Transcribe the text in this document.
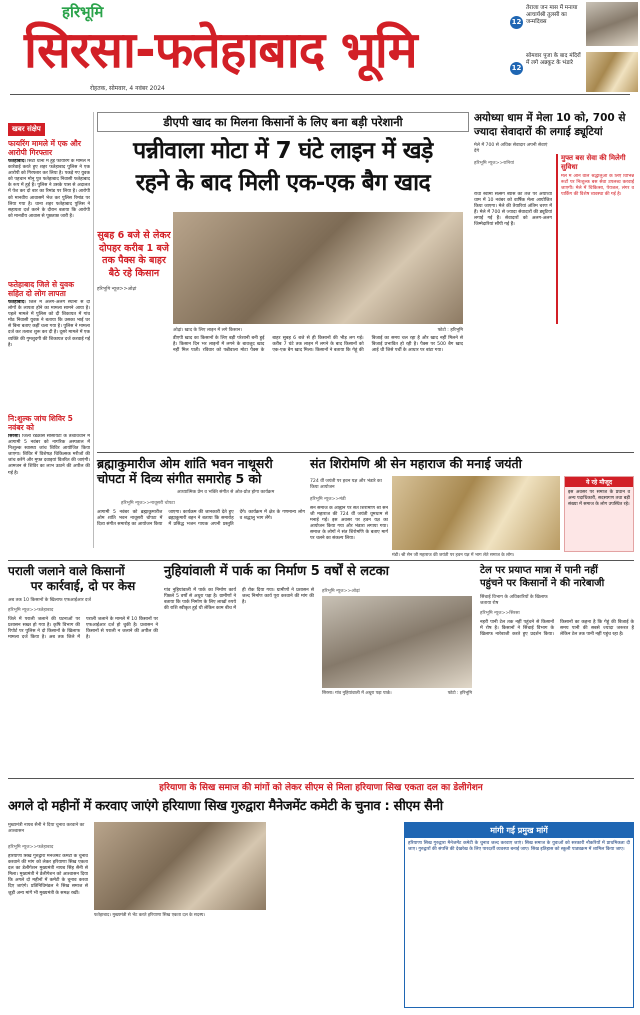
हरिभूमि
सिरसा-फतेहाबाद भूमि
रोहतक, सोमवार, 4 नवंबर 2024
12
तेराजा जन मास में मनाया आचार्यश्री तुलसी का जन्मदिवस
12
सोमवार पूजा के बाद मंदिरों में लगे अन्नकूट के भंडारे
खबर संक्षेप
फायरिंग मामले में एक और आरोपी गिरफ्तार
फतेहाबाद। सिटी थाना में हुई फायरिंग के मामले में कार्रवाई करते हुए शहर फतेहाबाद पुलिस ने एक आरोपी को गिरफ्तार कर लिया है। पकड़े गए युवक को पहचान मोनू पुत्र फतेहाबाद निवासी फतेहाबाद के रूप में हुई है। पुलिस ने उसके पास से अदालत में पेश कर दो बार का रिमांड पर लिया है। आरोपी को मानवीय आवासमें भेज कर पुलिस रिमांड पर लिया गया है। थाना शहर फतेहाबाद पुलिस ने सहायता दर्ज करने के दौरान बताया कि आरोपी को मानवीय आवास से पूछताछ जारी है।
फतेहाबाद जिले से युवक सहित दो लोग लापता
फतेहाबाद। जिले में अलग-अलग स्थानों से दो लोगों के लापता होने का मामला सामने आया है। पहले मामले में पुलिस को दी शिकायत में गांव मोठ निवासी युवक ने बताया कि उसका भाई घर से बिना बताए कहीं चला गया है। पुलिस ने मामला दर्ज कर तलाश शुरू कर दी है। दूसरे मामले में एक व्यक्ति की गुमशुदगी की शिकायत दर्ज करवाई गई है।
नि:शुल्क जांच शिविर 5 नवंबर को
सिरसा। जिला रेडक्रॉस सोसायटी के तत्वावधान में आगामी 5 नवंबर को नागरिक अस्पताल में निःशुल्क स्वास्थ्य जांच शिविर आयोजित किया जाएगा। शिविर में विशेषज्ञ चिकित्सक मरीजों की जांच करेंगे और मुफ्त दवाइयां वितरित की जाएंगी। आमजन से शिविर का लाभ उठाने की अपील की गई है।
डीएपी खाद का मिलना किसानों के लिए बना बड़ी परेशानी
पन्नीवाला मोटा में 7 घंटे लाइन में खड़े
रहने के बाद मिली एक-एक बैग खाद
सुबह 6 बजे से लेकर दोपहर करीब 1 बजे तक पैक्स के बाहर बैठे रहे किसान
हरिभूमि न्यूज>>ओढ़ां
ओढ़ां। खाद के लिए लाइन में लगे किसान।	फोटो : हरिभूमि
डीएपी खाद का किसानों के लिए बड़ी परेशानी बनी हुई है। किसान दिन भर लाइनों में लगने के बावजूद खाद नहीं मिल पाती। रविवार को पन्नीवाला मोटा पैक्स के बाहर सुबह 6 बजे से ही किसानों की भीड़ लग गई। करीब 7 घंटे तक लाइन में लगने के बाद किसानों को एक-एक बैग खाद मिला। किसानों ने बताया कि गेहूं की बिजाई का समय चल रहा है और खाद नहीं मिलने से बिजाई प्रभावित हो रही है। पैक्स पर 500 बैग खाद आई थी जिसे पर्ची के आधार पर बांटा गया।
अयोध्या धाम में मेला 10 को, 700 से ज्यादा सेवादारों की लगाई ड्यूटियां
मेले में 700 से अधिक सेवादार अपनी सेवाएं देंगे
हरिभूमि न्यूज>>रानियां
मुफ्त बस सेवा की मिलेगी सुविधा
मेले में आने वाले श्रद्धालुओं के लिए विभिन्न रूटों पर निःशुल्क बस सेवा उपलब्ध करवाई जाएगी। मेले में चिकित्सा, पेयजल, लंगर व पार्किंग की विशेष व्यवस्था की गई है।
राधा स्वामी सत्संग ब्यास की तर्ज पर अयोध्या धाम में 10 नवंबर को वार्षिक मेला आयोजित किया जाएगा। मेले की तैयारियां अंतिम चरण में हैं। मेले में 700 से ज्यादा सेवादारों की ड्यूटियां लगाई गई हैं। सेवादारों को अलग-अलग जिम्मेदारियां सौंपी गई हैं।
ब्रह्माकुमारीज ओम शांति भवन नाथूसरी
चोपटा में दिव्य संगीत समारोह 5 को
आध्यात्मिक प्रेम व भक्ति संगीत से ओत-प्रोत होगा कार्यक्रम
हरिभूमि न्यूज>>नाथूसरी चोपटा
आगामी 5 नवंबर को ब्रह्माकुमारीज ओम शांति भवन नाथूसरी चोपटा में दिव्य संगीत समारोह का आयोजन किया जाएगा। कार्यक्रम की जानकारी देते हुए ब्रह्माकुमारी बहन ने बताया कि समारोह में प्रसिद्ध भजन गायक अपनी प्रस्तुति देंगे। कार्यक्रम में क्षेत्र के गणमान्य लोग व श्रद्धालु भाग लेंगे।
संत शिरोमणि श्री सेन महाराज की मनाई जयंती
724 वीं जयंती पर हवन यज्ञ और भंडारे का किया आयोजन
हरिभूमि न्यूज>>मंडी
सेन समाज के आह्वान पर संत शिरोमणि श्री सेन जी महाराज की 724 वीं जयंती धूमधाम से मनाई गई। इस अवसर पर हवन यज्ञ का आयोजन किया गया और भंडारा लगाया गया। समाज के लोगों ने संत शिरोमणि के बताए मार्ग पर चलने का संकल्प लिया।
मंडी। श्री सेन जी महाराज की जयंती पर हवन यज्ञ में भाग लेते समाज के लोग।
ये रहे मौजूद
इस अवसर पर समाज के प्रधान व अन्य पदाधिकारी, सदस्यगण तथा बड़ी संख्या में समाज के लोग उपस्थित रहे।
पराली जलाने वाले किसानों
पर कार्रवाई, दो पर केस
अब तक 10 किसानों के खिलाफ एफआईआर दर्ज
हरिभूमि न्यूज>>फतेहाबाद
जिले में पराली जलाने की घटनाओं पर प्रशासन सख्त हो गया है। कृषि विभाग की रिपोर्ट पर पुलिस ने दो किसानों के खिलाफ मामला दर्ज किया है। अब तक जिले में पराली जलाने के मामले में 10 किसानों पर एफआईआर दर्ज हो चुकी है। प्रशासन ने किसानों से पराली न जलाने की अपील की है।
नुहियांवाली में पार्क का निर्माण 5 वर्षों से लटका
गांव नुहियांवाली में पार्क का निर्माण कार्य पिछले 5 वर्षों से अधूरा पड़ा है। ग्रामीणों ने बताया कि पार्क निर्माण के लिए लाखों रुपये की राशि स्वीकृत हुई थी लेकिन काम बीच में ही रोक दिया गया। ग्रामीणों ने प्रशासन से जल्द निर्माण कार्य पूरा करवाने की मांग की है।
हरिभूमि न्यूज>>ओढ़ां
सिरसा। गांव नुहियांवाली में अधूरा पड़ा पार्क।	फोटो : हरिभूमि
टेल पर प्रयाप्त मात्रा में पानी नहीं
पहुंचने पर किसानों ने की नारेबाजी
सिंचाई विभाग के अधिकारियों के खिलाफ जताया रोष
हरिभूमि न्यूज>>सिरसा
नहरी पानी टेल तक नहीं पहुंचने से किसानों में रोष है। किसानों ने सिंचाई विभाग के खिलाफ नारेबाजी करते हुए प्रदर्शन किया। किसानों का कहना है कि गेहूं की बिजाई के समय पानी की सबसे ज्यादा जरूरत है लेकिन टेल तक पानी नहीं पहुंच रहा है।
हरियाणा के सिख समाज की मांगों को लेकर सीएम से मिला हरियाणा सिख एकता दल का डेलीगेशन
अगले दो महीनों में करवाए जाएंगे हरियाणा सिख गुरुद्वारा मैनेजमेंट कमेटी के चुनाव : सीएम सैनी
मुख्यमंत्री नायब सैनी ने दिया चुनाव करवाने का आश्वासन
हरिभूमि न्यूज>>फतेहाबाद
फतेहाबाद। मुख्यमंत्री से भेंट करते हरियाणा सिख एकता दल के सदस्य।
हरियाणा सिख गुरुद्वारा मैनेजमेंट कमेटी के चुनाव करवाने की मांग को लेकर हरियाणा सिख एकता दल का डेलीगेशन मुख्यमंत्री नायब सिंह सैनी से मिला। मुख्यमंत्री ने डेलीगेशन को आश्वासन दिया कि अगले दो महीनों में कमेटी के चुनाव करवा दिए जाएंगे। प्रतिनिधिमंडल ने सिख समाज से जुड़ी अन्य मांगें भी मुख्यमंत्री के समक्ष रखीं।
मांगी गई प्रमुख मांगें
हरियाणा सिख गुरुद्वारा मैनेजमेंट कमेटी के चुनाव जल्द करवाए जाएं। सिख समाज के युवाओं को सरकारी नौकरियों में प्राथमिकता दी जाए। गुरुद्वारों की संपत्ति की देखरेख के लिए पारदर्शी व्यवस्था बनाई जाए। सिख इतिहास को स्कूली पाठ्यक्रम में शामिल किया जाए।
